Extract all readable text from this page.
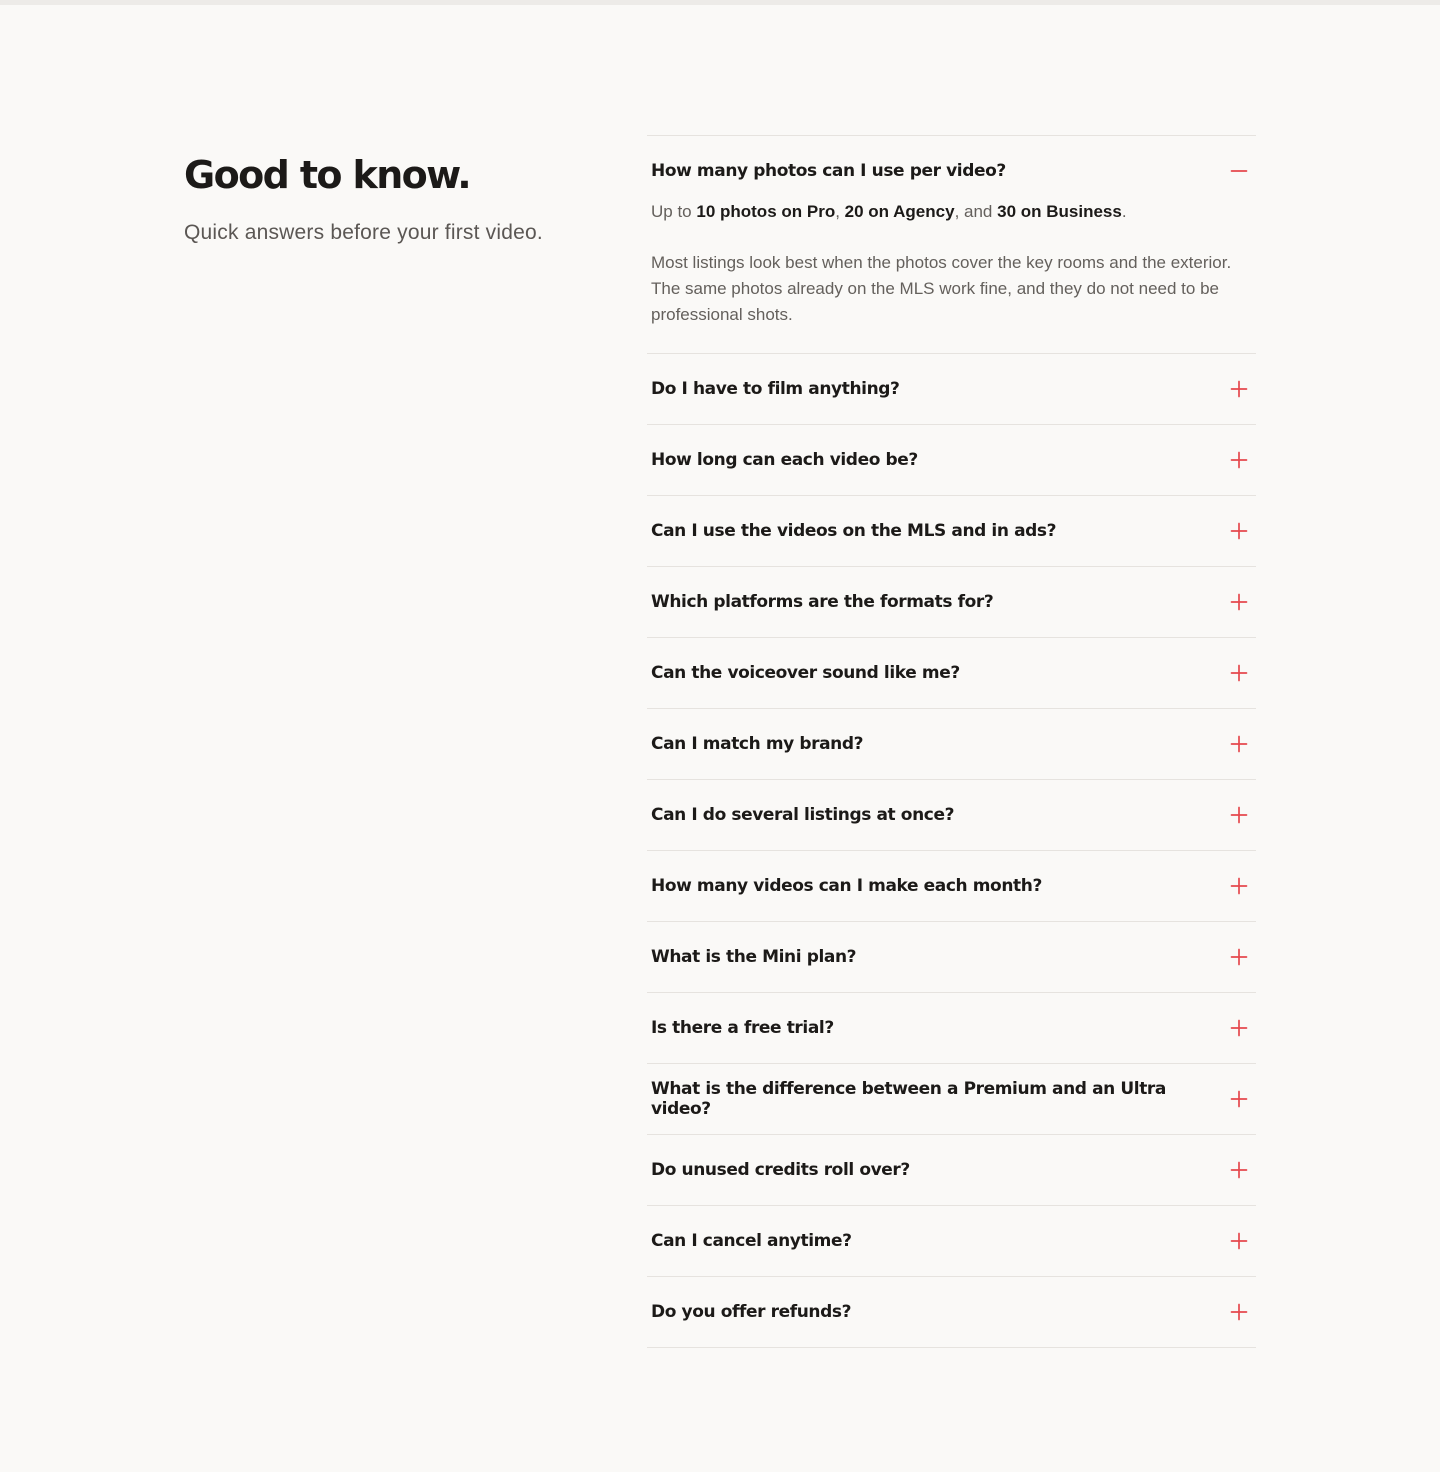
Good to know.

Quick answers before your first video.

How many photos can I use per video?

Up to 10 photos on Pro, 20 on Agency, and 30 on Business.

Most listings look best when the photos cover the key rooms and the exterior. The same photos already on the MLS work fine, and they do not need to be professional shots.

Do I have to film anything?
How long can each video be?
Can I use the videos on the MLS and in ads?
Which platforms are the formats for?
Can the voiceover sound like me?
Can I match my brand?
Can I do several listings at once?
How many videos can I make each month?
What is the Mini plan?
Is there a free trial?
What is the difference between a Premium and an Ultra video?
Do unused credits roll over?
Can I cancel anytime?
Do you offer refunds?
